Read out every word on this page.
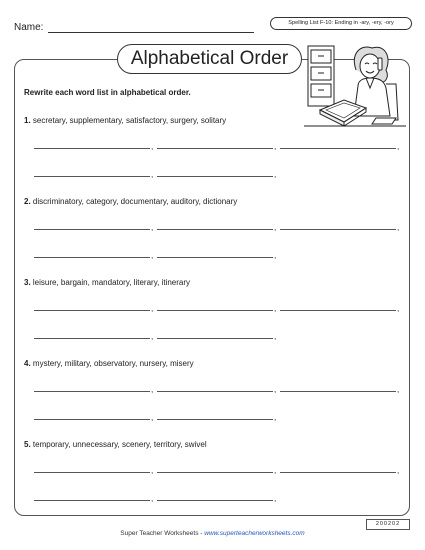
Name:	Spelling List F-10: Ending in -ary, -ery, -ory
Alphabetical Order
Rewrite each word list in alphabetical order.
1. secretary, supplementary, satisfactory, surgery, solitary
,	,	,
,	,
2. discriminatory, category, documentary, auditory, dictionary
,	,	,
,	,
3. leisure, bargain, mandatory, literary, itinerary
,	,	,
,	,
4. mystery, military, observatory, nursery, misery
,	,	,
,	,
5. temporary, unnecessary, scenery, territory, swivel
,	,	,
,	,
Super Teacher Worksheets - www.superteacherworksheets.com
200202
